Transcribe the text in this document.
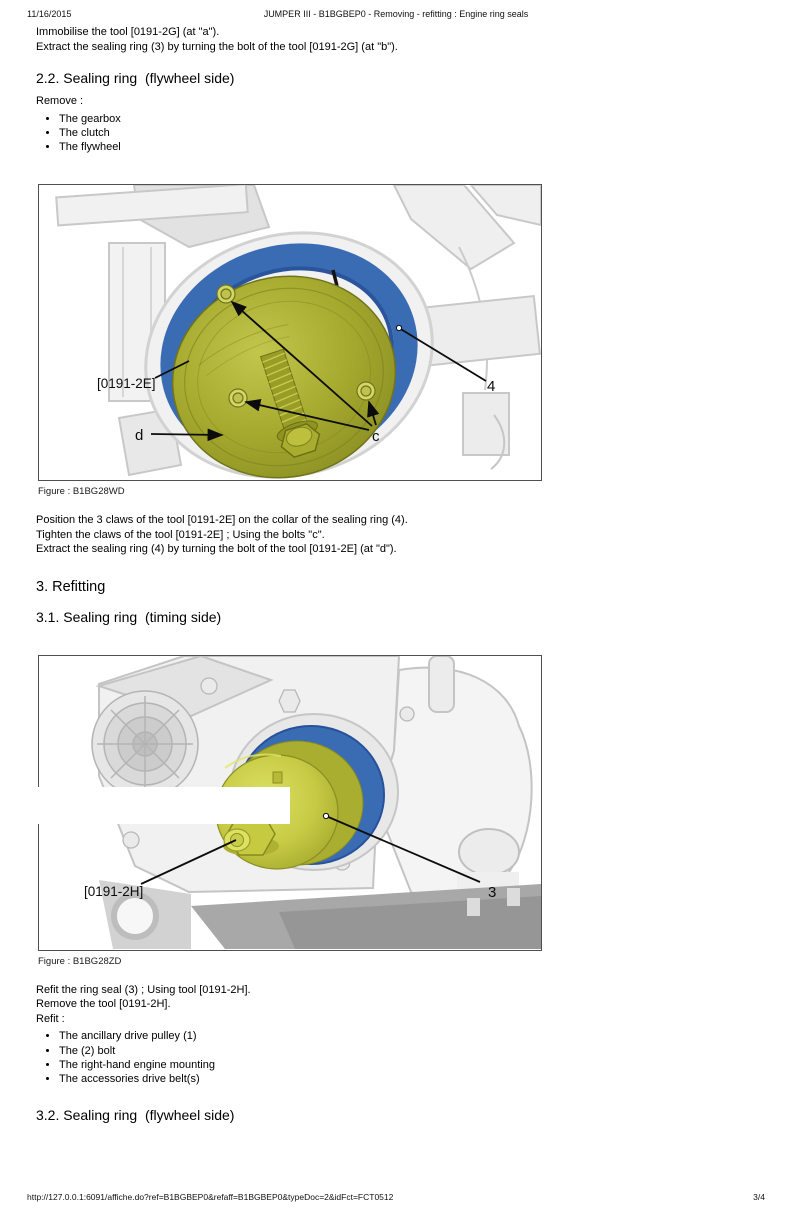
11/16/2015	JUMPER III - B1BGBEP0 - Removing - refitting : Engine ring seals

Immobilise the tool [0191-2G] (at "a").

Extract the sealing ring (3) by turning the bolt of the tool [0191-2G] (at "b").

2.2. Sealing ring  (flywheel side)

Remove :

• The gearbox
• The clutch
• The flywheel
[0191-2E]
d	c
4

Figure : B1BG28WD

Position the 3 claws of the tool [0191-2E] on the collar of the sealing ring (4).

Tighten the claws of the tool [0191-2E] ; Using the bolts "c".

Extract the sealing ring (4) by turning the bolt of the tool [0191-2E] (at "d").

3. Refitting
3.1. Sealing ring  (timing side)
[0191-2H]	3

Figure : B1BG28ZD

Refit the ring seal (3) ; Using tool [0191-2H].

Remove the tool [0191-2H].

Refit :

• The ancillary drive pulley (1)
• The (2) bolt
• The right-hand engine mounting
• The accessories drive belt(s)
3.2. Sealing ring  (flywheel side)
http://127.0.0.1:6091/affiche.do?ref=B1BGBEP0&refaff=B1BGBEP0&typeDoc=2&idFct=FCT0512	3/4
